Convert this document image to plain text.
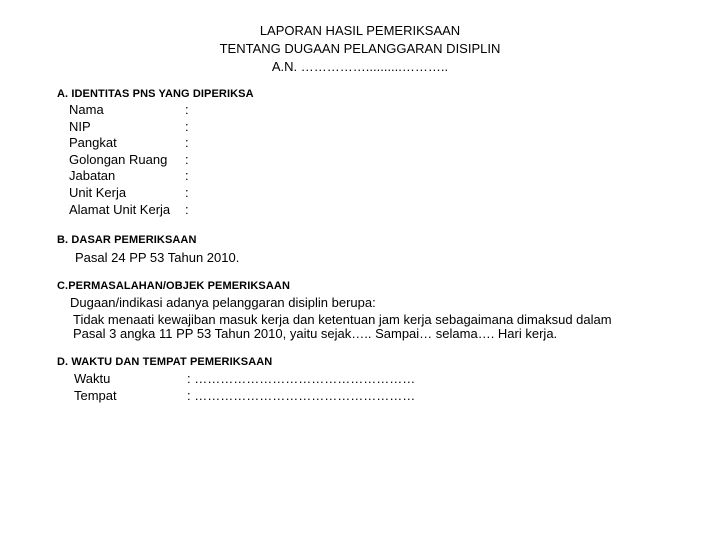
LAPORAN HASIL PEMERIKSAAN
TENTANG DUGAAN PELANGGARAN DISIPLIN
A.N. ……………..........………..
A. IDENTITAS PNS YANG DIPERIKSA
Nama	:
NIP	:
Pangkat	:
Golongan Ruang	:
Jabatan	:
Unit Kerja	:
Alamat Unit Kerja	:
B. DASAR PEMERIKSAAN
Pasal 24 PP 53 Tahun 2010.
C.PERMASALAHAN/OBJEK PEMERIKSAAN
Dugaan/indikasi adanya pelanggaran disiplin berupa:
Tidak menaati kewajiban masuk kerja dan ketentuan jam kerja sebagaimana dimaksud dalam
Pasal 3 angka 11 PP 53 Tahun 2010, yaitu sejak….. Sampai… selama…. Hari kerja.
D. WAKTU DAN TEMPAT PEMERIKSAAN
Waktu	: ……………………………………………
Tempat	: ……………………………………………
